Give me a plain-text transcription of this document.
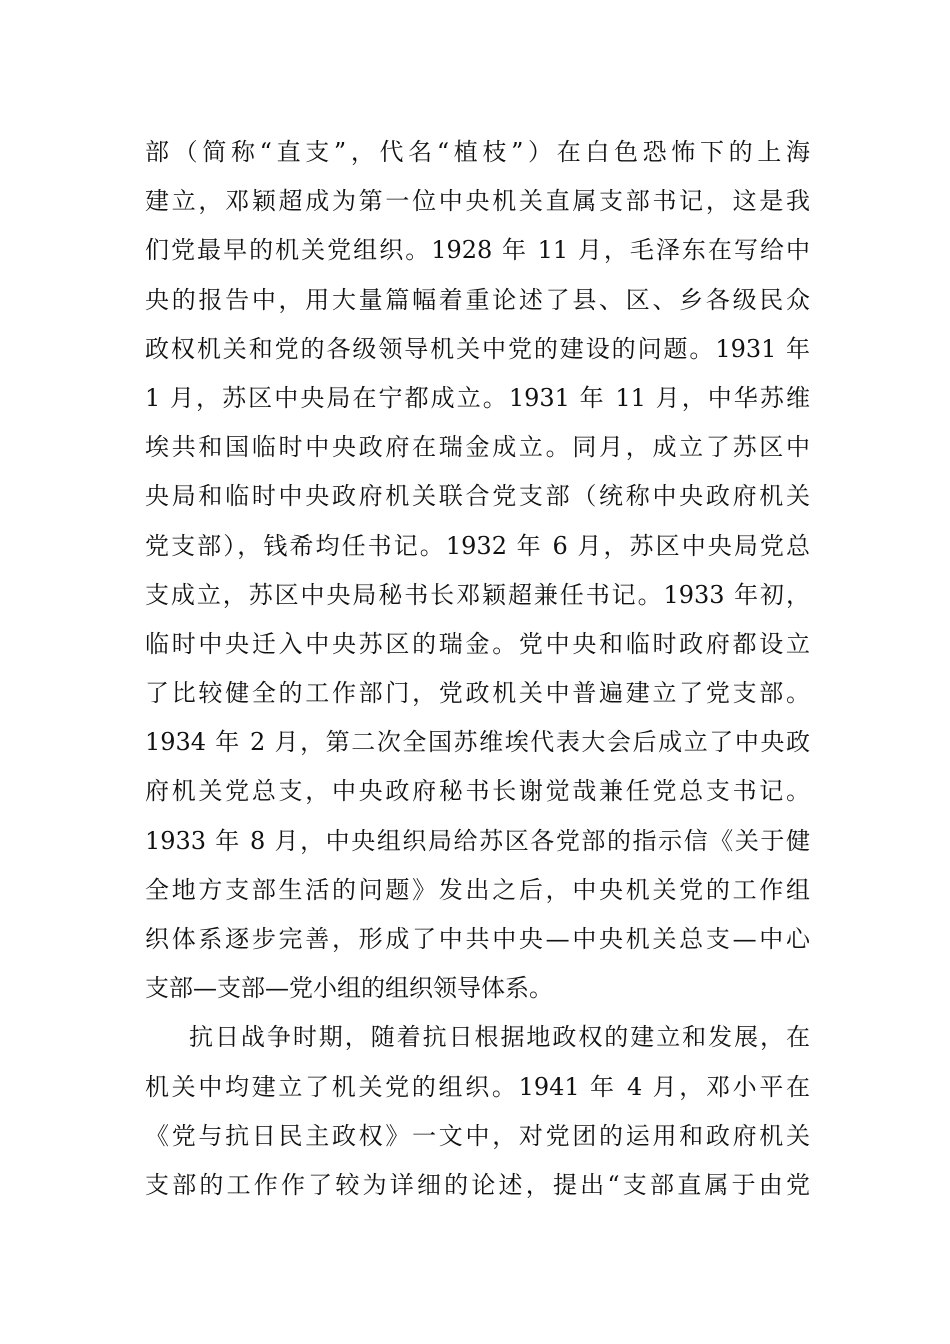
部（简称“直支”，代名“植枝”）在白色恐怖下的上海
建立，邓颖超成为第一位中央机关直属支部书记，这是我
们党最早的机关党组织。1928 年 11 月，毛泽东在写给中
央的报告中，用大量篇幅着重论述了县、区、乡各级民众
政权机关和党的各级领导机关中党的建设的问题。1931 年
1 月，苏区中央局在宁都成立。1931 年 11 月，中华苏维
埃共和国临时中央政府在瑞金成立。同月，成立了苏区中
央局和临时中央政府机关联合党支部（统称中央政府机关
党支部），钱希均任书记。1932 年 6 月，苏区中央局党总
支成立，苏区中央局秘书长邓颖超兼任书记。1933 年初，
临时中央迁入中央苏区的瑞金。党中央和临时政府都设立
了比较健全的工作部门，党政机关中普遍建立了党支部。
1934 年 2 月，第二次全国苏维埃代表大会后成立了中央政
府机关党总支，中央政府秘书长谢觉哉兼任党总支书记。
1933 年 8 月，中央组织局给苏区各党部的指示信《关于健
全地方支部生活的问题》发出之后，中央机关党的工作组
织体系逐步完善，形成了中共中央—中央机关总支—中心
支部—支部—党小组的组织领导体系。
抗日战争时期，随着抗日根据地政权的建立和发展，在
机关中均建立了机关党的组织。1941 年 4 月，邓小平在
《党与抗日民主政权》一文中，对党团的运用和政府机关
支部的工作作了较为详细的论述，提出“支部直属于由党
